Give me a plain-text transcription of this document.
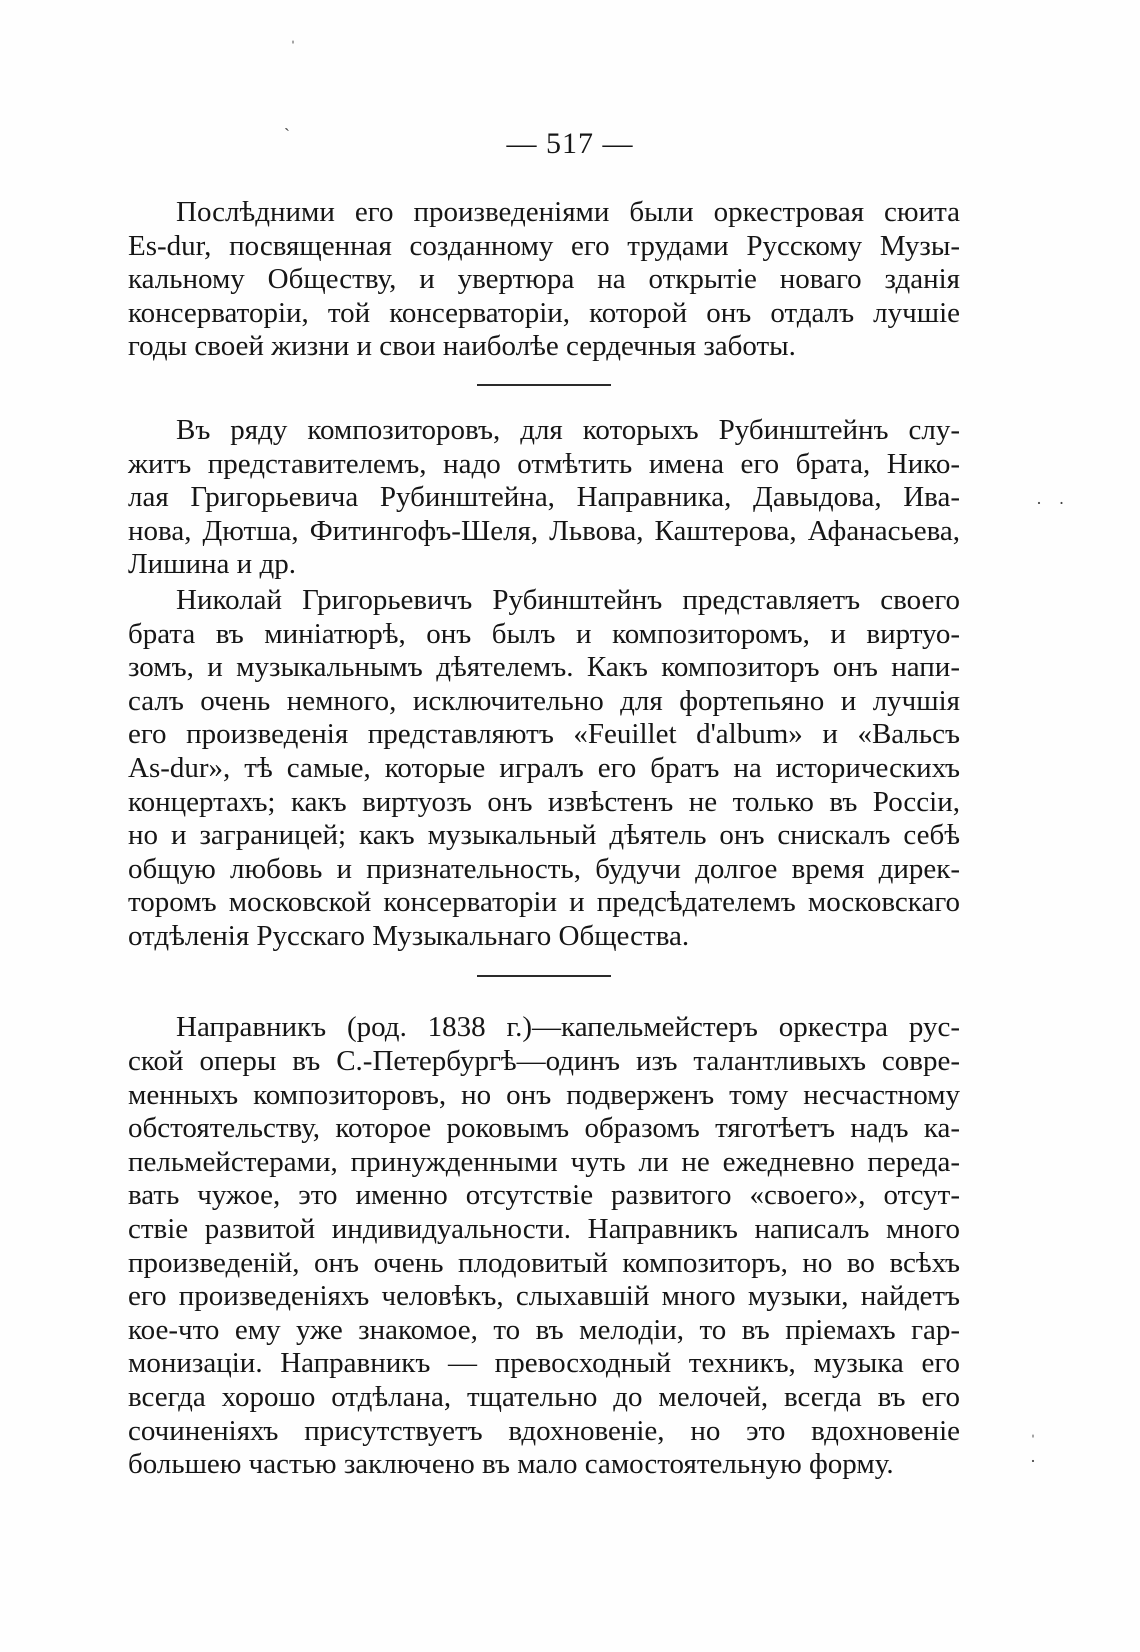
ˈ
ˋ
· ·
ˈ
·
— 517 —

Послѣдними его произведеніями были оркестровая сюита
Es-dur, посвященная созданному его трудами Русскому Музы-
кальному Обществу, и увертюра на открытіе новаго зданія
консерваторіи, той консерваторіи, которой онъ отдалъ лучшіе
годы своей жизни и свои наиболѣе сердечныя заботы.

Въ ряду композиторовъ, для которыхъ Рубинштейнъ слу-
житъ представителемъ, надо отмѣтить имена его брата, Нико-
лая Григорьевича Рубинштейна, Направника, Давыдова, Ива-
нова, Дютша, Фитингофъ-Шеля, Львова, Каштерова, Афанасьева,
Лишина и др.

Николай Григорьевичъ Рубинштейнъ представляетъ своего
брата въ миніатюрѣ, онъ былъ и композиторомъ, и виртуо-
зомъ, и музыкальнымъ дѣятелемъ. Какъ композиторъ онъ напи-
салъ очень немного, исключительно для фортепьяно и лучшія
его произведенія представляютъ «Feuillet d'album» и «Вальсъ
As-dur», тѣ самые, которые игралъ его братъ на историческихъ
концертахъ; какъ виртуозъ онъ извѣстенъ не только въ Россіи,
но и заграницей; какъ музыкальный дѣятель онъ снискалъ себѣ
общую любовь и признательность, будучи долгое время дирек-
торомъ московской консерваторіи и предсѣдателемъ московскаго
отдѣленія Русскаго Музыкальнаго Общества.

Направникъ (род. 1838 г.)—капельмейстеръ оркестра рус-
ской оперы въ С.-Петербургѣ—одинъ изъ талантливыхъ совре-
менныхъ композиторовъ, но онъ подверженъ тому несчастному
обстоятельству, которое роковымъ образомъ тяготѣетъ надъ ка-
пельмейстерами, принужденными чуть ли не ежедневно переда-
вать чужое, это именно отсутствіе развитого «своего», отсут-
ствіе развитой индивидуальности. Направникъ написалъ много
произведеній, онъ очень плодовитый композиторъ, но во всѣхъ
его произведеніяхъ человѣкъ, слыхавшій много музыки, найдетъ
кое-что ему уже знакомое, то въ мелодіи, то въ пріемахъ гар-
монизаціи. Направникъ — превосходный техникъ, музыка его
всегда хорошо отдѣлана, тщательно до мелочей, всегда въ его
сочиненіяхъ присутствуетъ вдохновеніе, но это вдохновеніе
большею частью заключено въ мало самостоятельную форму.
